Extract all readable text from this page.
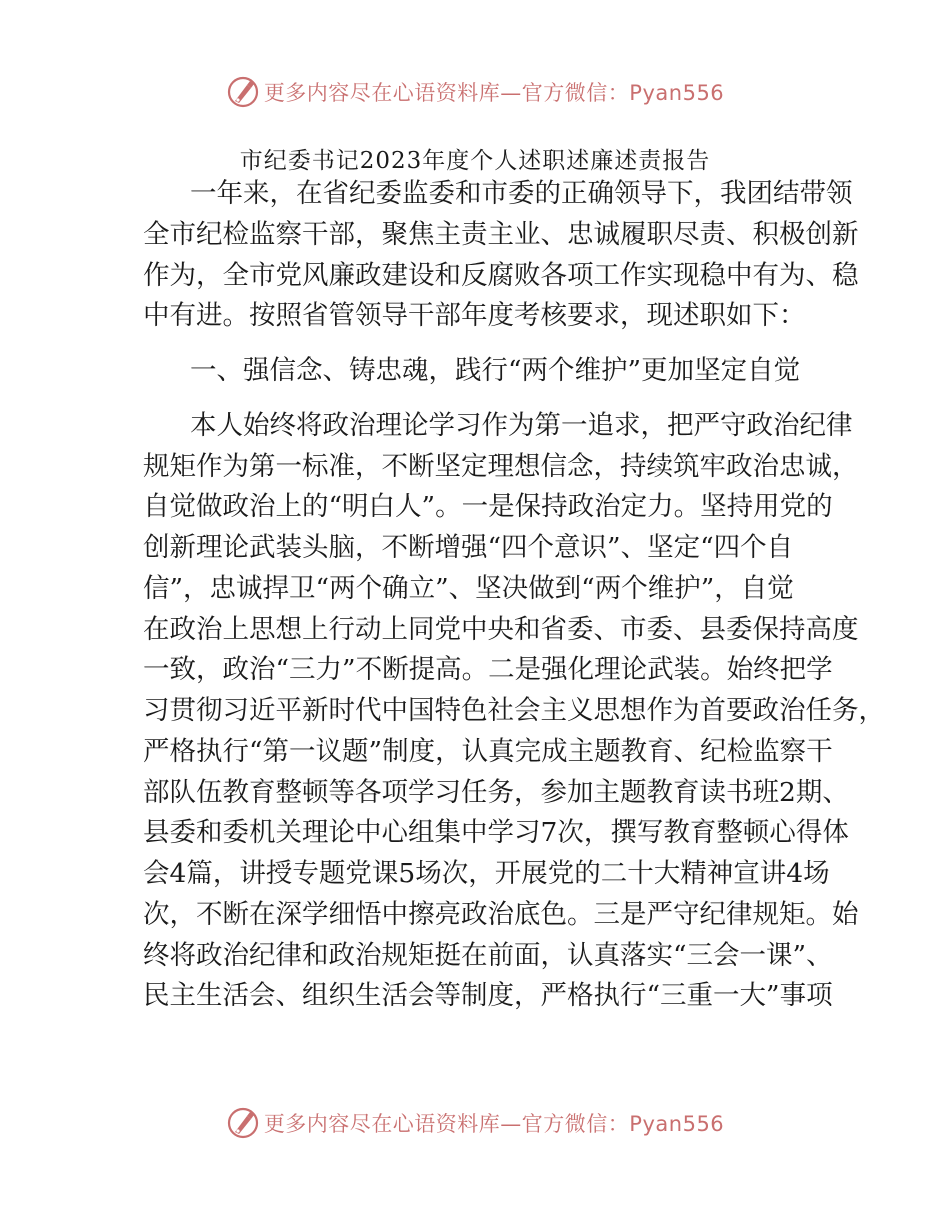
更多内容尽在心语资料库—官方微信：Pyan556
市纪委书记2023年度个人述职述廉述责报告
一年来，在省纪委监委和市委的正确领导下，我团结带领
全市纪检监察干部，聚焦主责主业、忠诚履职尽责、积极创新
作为，全市党风廉政建设和反腐败各项工作实现稳中有为、稳
中有进。按照省管领导干部年度考核要求，现述职如下：
一、强信念、铸忠魂，践行“两个维护”更加坚定自觉
本人始终将政治理论学习作为第一追求，把严守政治纪律
规矩作为第一标准，不断坚定理想信念，持续筑牢政治忠诚，
自觉做政治上的“明白人”。一是保持政治定力。坚持用党的
创新理论武装头脑，不断增强“四个意识”、坚定“四个自
信”，忠诚捍卫“两个确立”、坚决做到“两个维护”，自觉
在政治上思想上行动上同党中央和省委、市委、县委保持高度
一致，政治“三力”不断提高。二是强化理论武装。始终把学
习贯彻习近平新时代中国特色社会主义思想作为首要政治任务，
严格执行“第一议题”制度，认真完成主题教育、纪检监察干
部队伍教育整顿等各项学习任务，参加主题教育读书班2期、
县委和委机关理论中心组集中学习7次，撰写教育整顿心得体
会4篇，讲授专题党课5场次，开展党的二十大精神宣讲4场
次，不断在深学细悟中擦亮政治底色。三是严守纪律规矩。始
终将政治纪律和政治规矩挺在前面，认真落实“三会一课”、
民主生活会、组织生活会等制度，严格执行“三重一大”事项
更多内容尽在心语资料库—官方微信：Pyan556
